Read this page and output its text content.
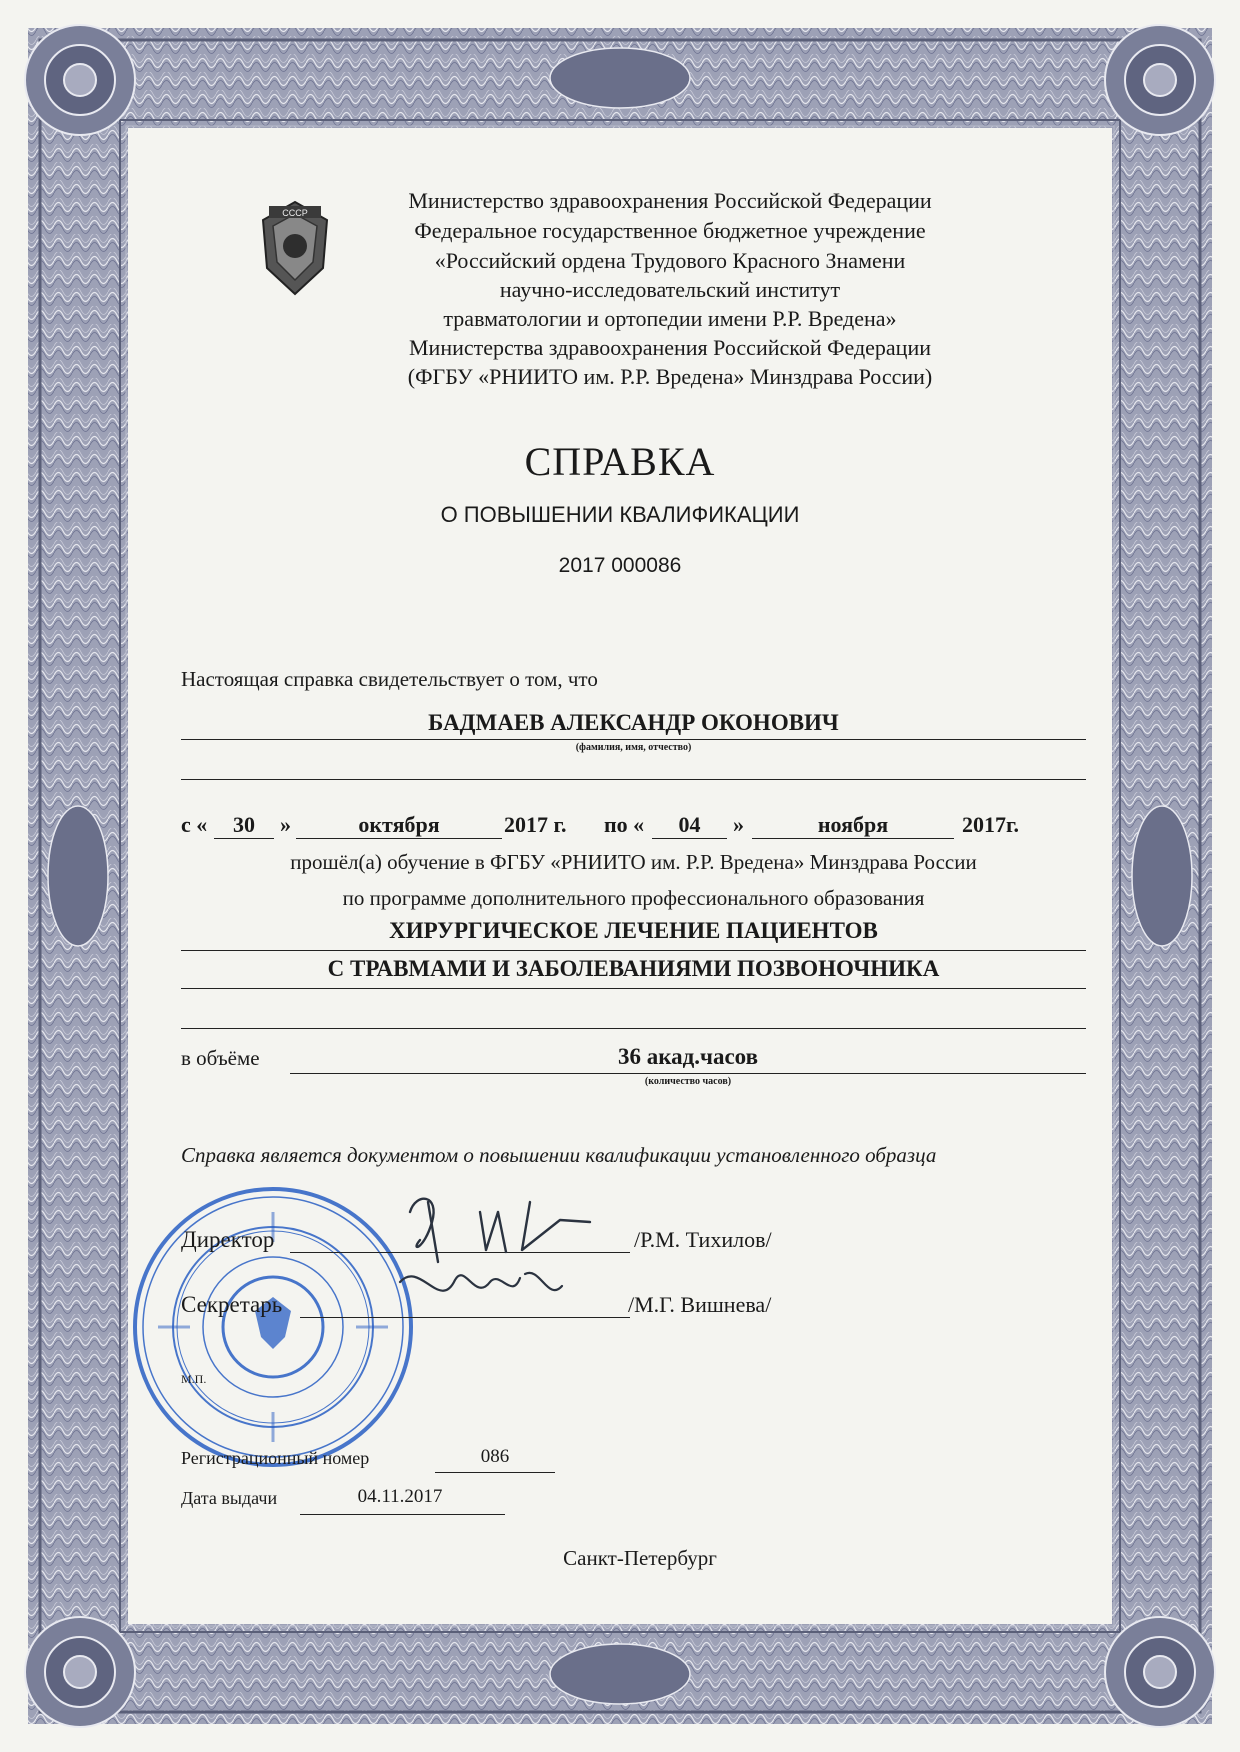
СССР	Министерство здравоохранения Российской Федерации
Федеральное государственное бюджетное учреждение
«Российский ордена Трудового Красного Знамени
научно-исследовательский институт
травматологии и ортопедии имени Р.Р. Вредена»
Министерства здравоохранения Российской Федерации
(ФГБУ «РНИИТО им. Р.Р. Вредена» Минздрава России)
СПРАВКА
О ПОВЫШЕНИИ КВАЛИФИКАЦИИ
2017 000086
Настоящая справка свидетельствует о том, что
БАДМАЕВ АЛЕКСАНДР ОКОНОВИЧ
(фамилия, имя, отчество)
с «	30	»	октября	2017 г. по «	04	»	ноября	2017г.
прошёл(а) обучение в ФГБУ «РНИИТО им. Р.Р. Вредена» Минздрава России
по программе дополнительного профессионального образования
ХИРУРГИЧЕСКОЕ ЛЕЧЕНИЕ ПАЦИЕНТОВ
С ТРАВМАМИ И ЗАБОЛЕВАНИЯМИ ПОЗВОНОЧНИКА
в объёме	36 акад.часов
(количество часов)
Справка является документом о повышении квалификации установленного образца
Директор	/Р.М. Тихилов/
Секретарь	/М.Г. Вишнева/
М.П.
Регистрационный номер	086
Дата выдачи	04.11.2017
Санкт-Петербург
